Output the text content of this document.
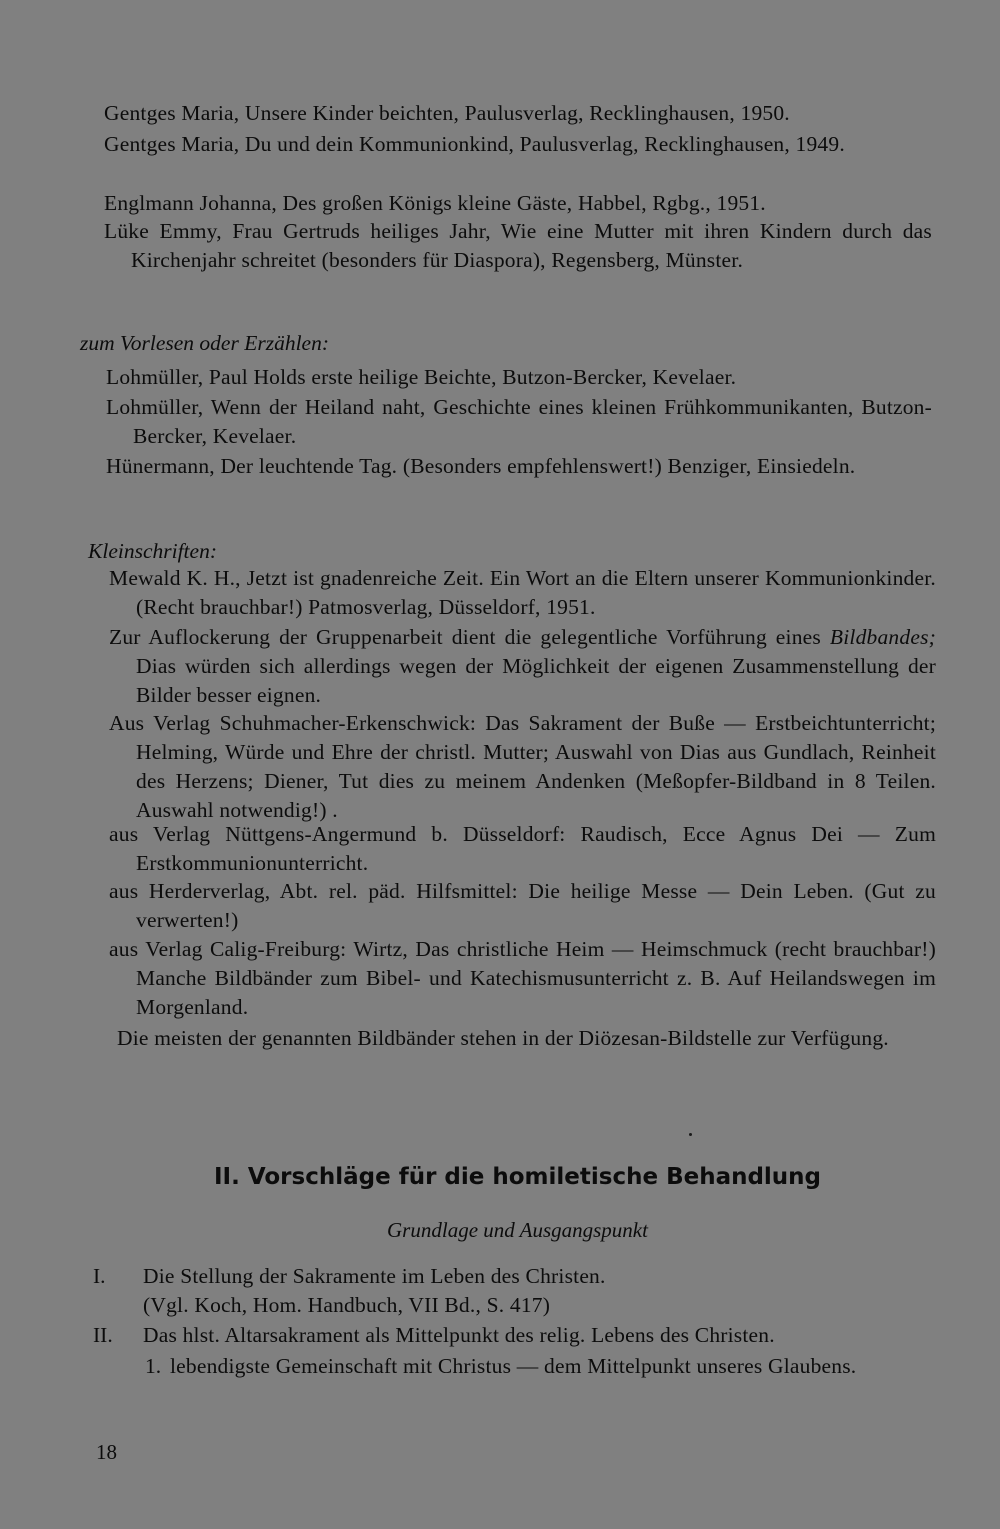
Gentges Maria, Unsere Kinder beichten, Paulusverlag, Recklinghausen, 1950.

Gentges Maria, Du und dein Kommunionkind, Paulusverlag, Recklinghausen, 1949.

Englmann Johanna, Des großen Königs kleine Gäste, Habbel, Rgbg., 1951.

Lüke Emmy, Frau Gertruds heiliges Jahr, Wie eine Mutter mit ihren Kindern durch das Kirchenjahr schreitet (besonders für Diaspora), Regensberg, Münster.

zum Vorlesen oder Erzählen:

Lohmüller, Paul Holds erste heilige Beichte, Butzon-Bercker, Kevelaer.

Lohmüller, Wenn der Heiland naht, Geschichte eines kleinen Frühkommunikanten, Butzon-Bercker, Kevelaer.

Hünermann, Der leuchtende Tag. (Besonders empfehlenswert!) Benziger, Einsiedeln.

Kleinschriften:

Mewald K. H., Jetzt ist gnadenreiche Zeit. Ein Wort an die Eltern unserer Kommunionkinder. (Recht brauchbar!) Patmosverlag, Düsseldorf, 1951.

Zur Auflockerung der Gruppenarbeit dient die gelegentliche Vorführung eines Bildbandes; Dias würden sich allerdings wegen der Möglichkeit der eigenen Zusammenstellung der Bilder besser eignen.

Aus Verlag Schuhmacher-Erkenschwick: Das Sakrament der Buße — Erstbeichtunterricht; Helming, Würde und Ehre der christl. Mutter; Auswahl von Dias aus Gundlach, Reinheit des Herzens; Diener, Tut dies zu meinem Andenken (Meßopfer-Bildband in 8 Teilen. Auswahl notwendig!) .

aus Verlag Nüttgens-Angermund b. Düsseldorf: Raudisch, Ecce Agnus Dei — Zum Erstkommunionunterricht.

aus Herderverlag, Abt. rel. päd. Hilfsmittel: Die heilige Messe — Dein Leben. (Gut zu verwerten!)

aus Verlag Calig-Freiburg: Wirtz, Das christliche Heim — Heimschmuck (recht brauchbar!) Manche Bildbänder zum Bibel- und Katechismusunterricht z. B. Auf Heilandswegen im Morgenland.

Die meisten der genannten Bildbänder stehen in der Diözesan-Bildstelle zur Verfügung.

II. Vorschläge für die homiletische Behandlung

Grundlage und Ausgangspunkt

I. Die Stellung der Sakramente im Leben des Christen.

(Vgl. Koch, Hom. Handbuch, VII Bd., S. 417)

II. Das hlst. Altarsakrament als Mittelpunkt des relig. Lebens des Christen.

1. lebendigste Gemeinschaft mit Christus — dem Mittelpunkt unseres Glaubens.

18
